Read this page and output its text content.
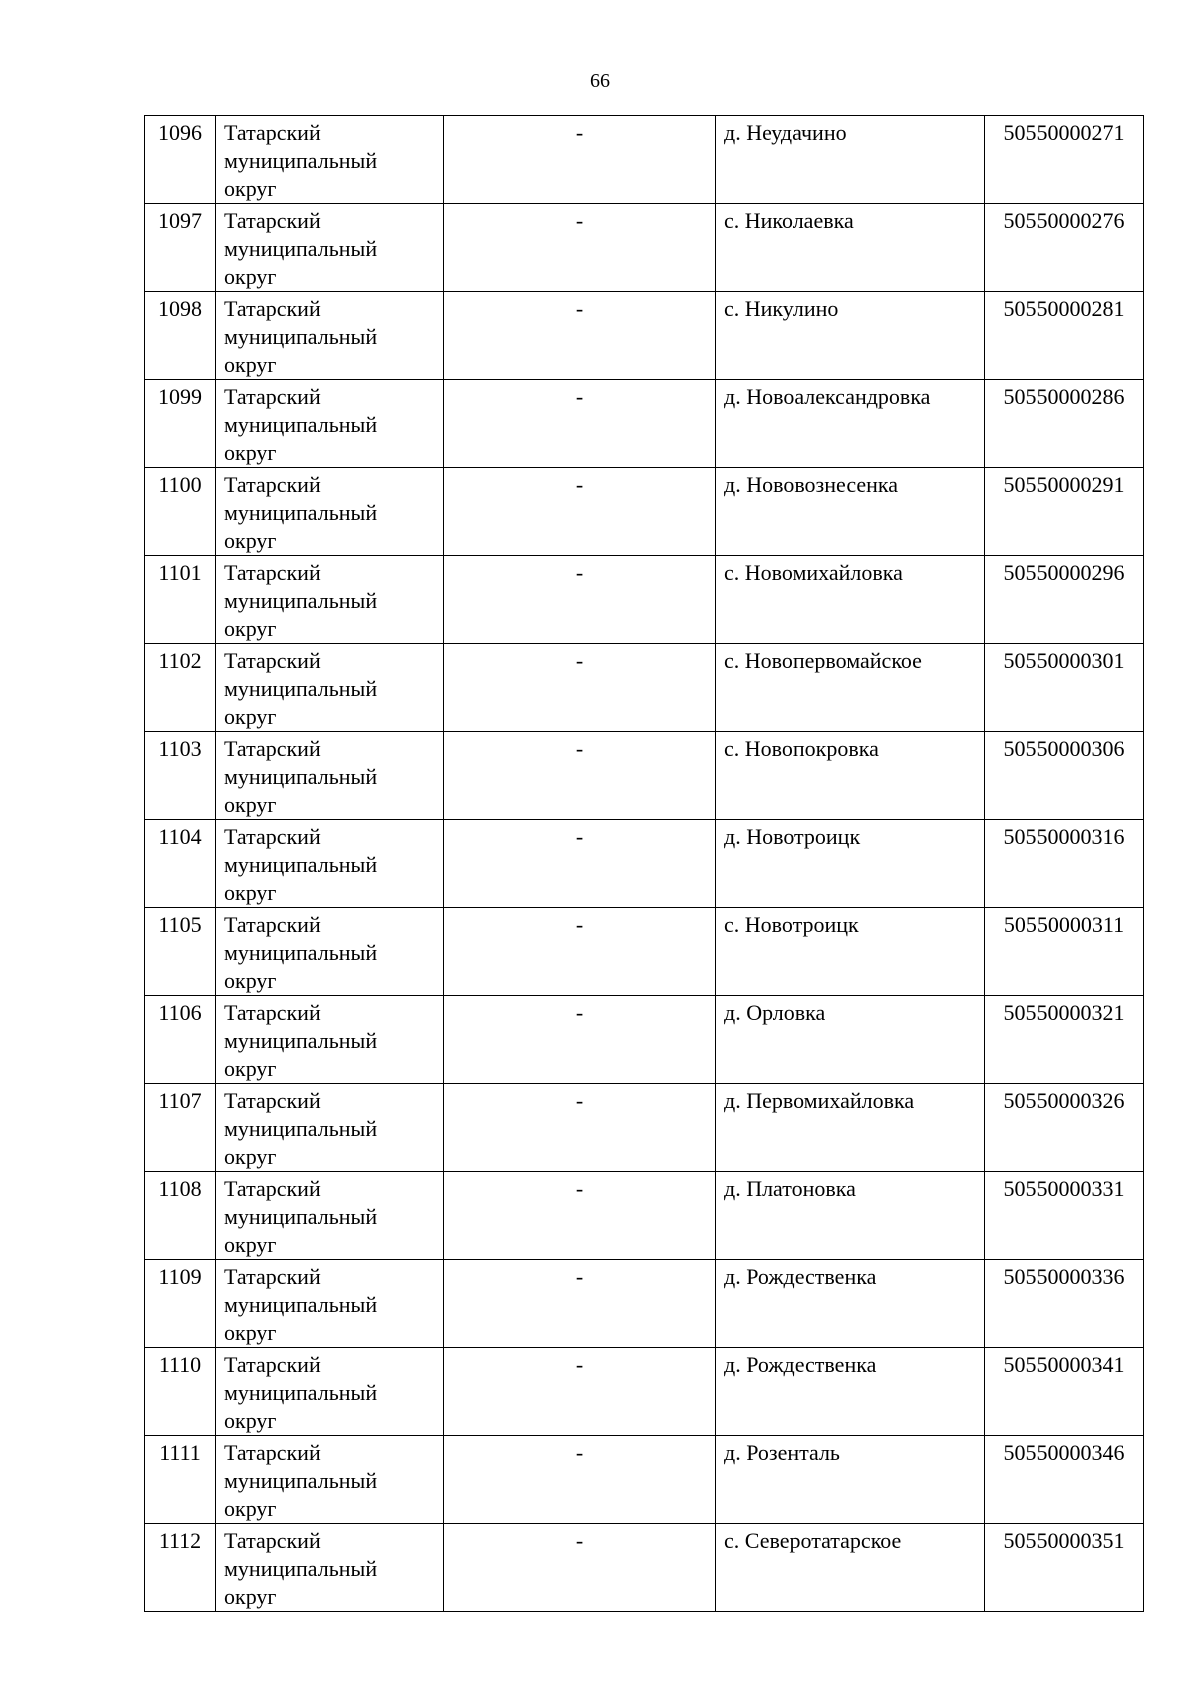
66
1096	Татарский
муниципальный
округ	-	д. Неудачино	50550000271
1097	Татарский
муниципальный
округ	-	с. Николаевка	50550000276
1098	Татарский
муниципальный
округ	-	с. Никулино	50550000281
1099	Татарский
муниципальный
округ	-	д. Новоалександровка	50550000286
1100	Татарский
муниципальный
округ	-	д. Нововознесенка	50550000291
1101	Татарский
муниципальный
округ	-	с. Новомихайловка	50550000296
1102	Татарский
муниципальный
округ	-	с. Новопервомайское	50550000301
1103	Татарский
муниципальный
округ	-	с. Новопокровка	50550000306
1104	Татарский
муниципальный
округ	-	д. Новотроицк	50550000316
1105	Татарский
муниципальный
округ	-	с. Новотроицк	50550000311
1106	Татарский
муниципальный
округ	-	д. Орловка	50550000321
1107	Татарский
муниципальный
округ	-	д. Первомихайловка	50550000326
1108	Татарский
муниципальный
округ	-	д. Платоновка	50550000331
1109	Татарский
муниципальный
округ	-	д. Рождественка	50550000336
1110	Татарский
муниципальный
округ	-	д. Рождественка	50550000341
1111	Татарский
муниципальный
округ	-	д. Розенталь	50550000346
1112	Татарский
муниципальный
округ	-	с. Северотатарское	50550000351
